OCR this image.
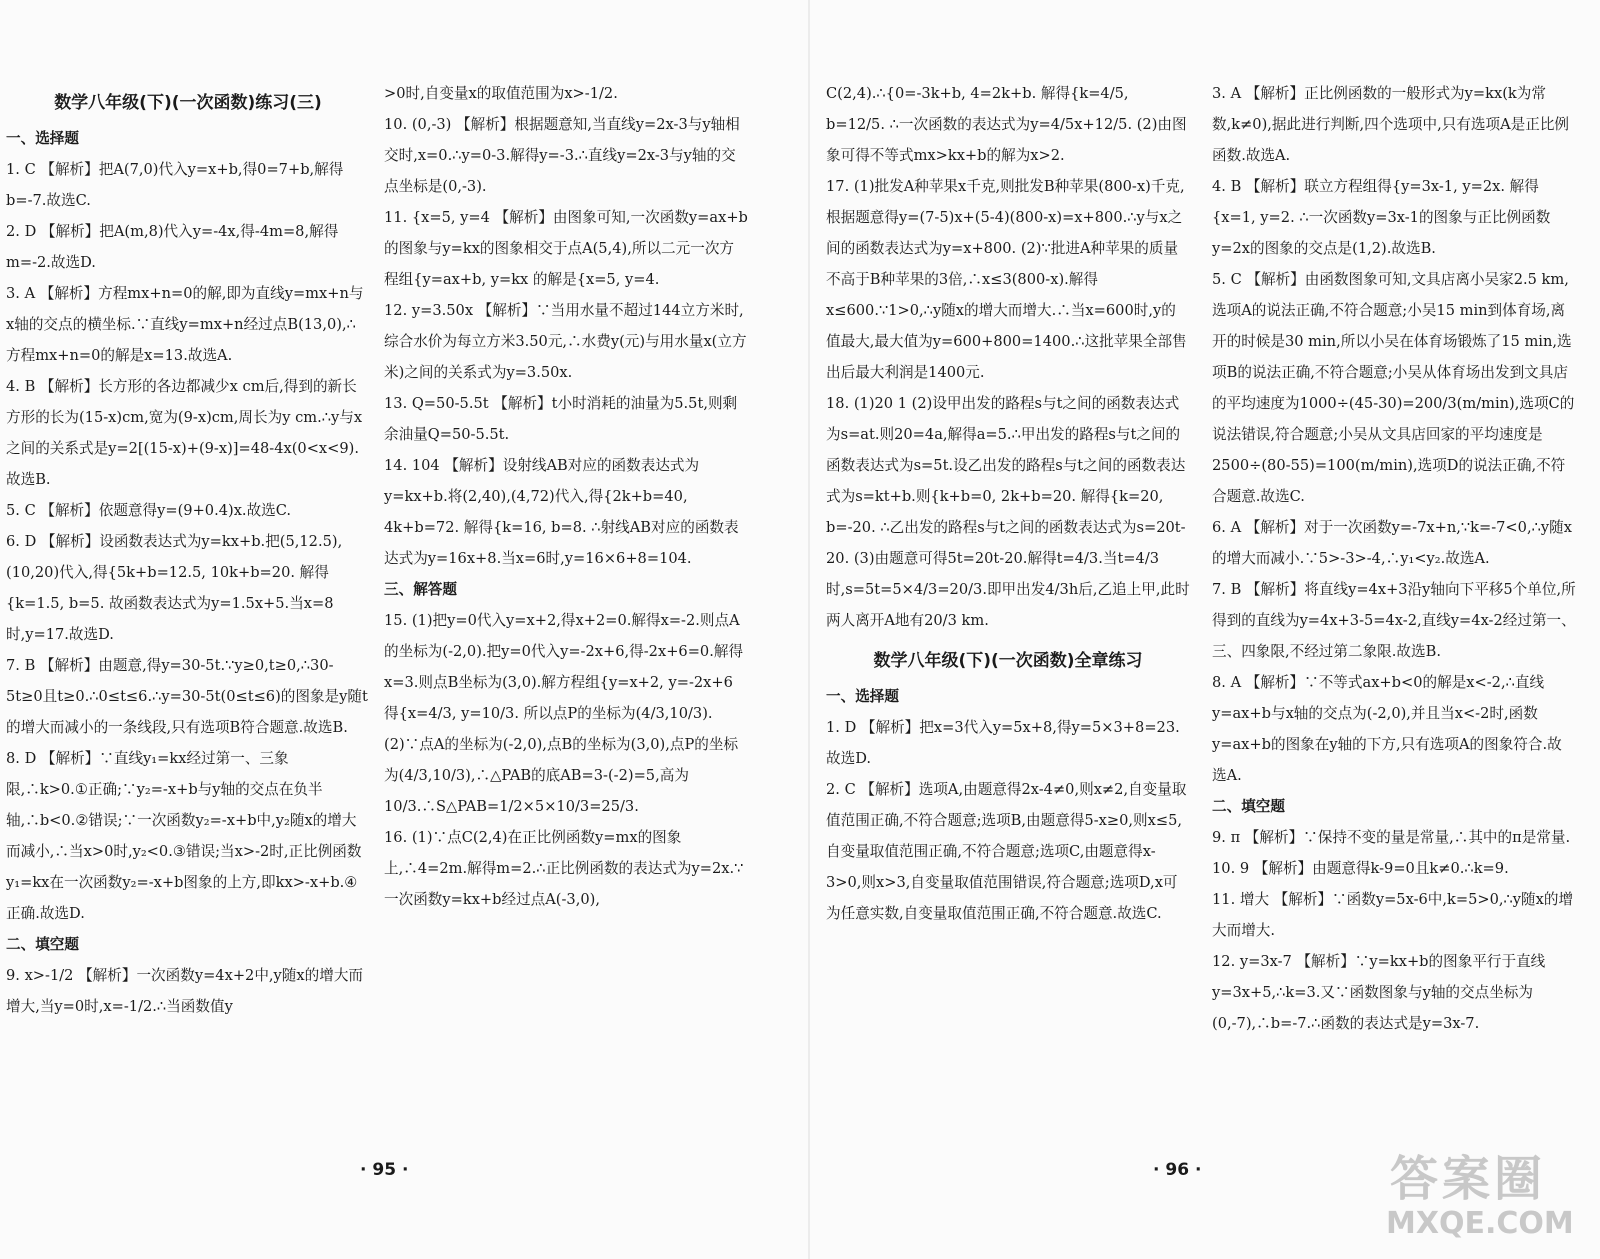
数学八年级(下)(一次函数)练习(三)
一、选择题

1. C 【解析】把A(7,0)代入y=x+b,得0=7+b,解得b=-7.故选C.

2. D 【解析】把A(m,8)代入y=-4x,得-4m=8,解得m=-2.故选D.

3. A 【解析】方程mx+n=0的解,即为直线y=mx+n与x轴的交点的横坐标.∵直线y=mx+n经过点B(13,0),∴方程mx+n=0的解是x=13.故选A.

4. B 【解析】长方形的各边都减少x cm后,得到的新长方形的长为(15-x)cm,宽为(9-x)cm,周长为y cm.∴y与x之间的关系式是y=2[(15-x)+(9-x)]=48-4x(0<x<9).故选B.

5. C 【解析】依题意得y=(9+0.4)x.故选C.

6. D 【解析】设函数表达式为y=kx+b.把(5,12.5),(10,20)代入,得{5k+b=12.5, 10k+b=20. 解得{k=1.5, b=5. 故函数表达式为y=1.5x+5.当x=8时,y=17.故选D.

7. B 【解析】由题意,得y=30-5t.∵y≥0,t≥0,∴30-5t≥0且t≥0.∴0≤t≤6.∴y=30-5t(0≤t≤6)的图象是y随t的增大而减小的一条线段,只有选项B符合题意.故选B.

8. D 【解析】∵直线y₁=kx经过第一、三象限,∴k>0.①正确;∵y₂=-x+b与y轴的交点在负半轴,∴b<0.②错误;∵一次函数y₂=-x+b中,y₂随x的增大而减小,∴当x>0时,y₂<0.③错误;当x>-2时,正比例函数y₁=kx在一次函数y₂=-x+b图象的上方,即kx>-x+b.④正确.故选D.

二、填空题

9. x>-1/2 【解析】一次函数y=4x+2中,y随x的增大而增大,当y=0时,x=-1/2.∴当函数值y

>0时,自变量x的取值范围为x>-1/2.

10. (0,-3) 【解析】根据题意知,当直线y=2x-3与y轴相交时,x=0.∴y=0-3.解得y=-3.∴直线y=2x-3与y轴的交点坐标是(0,-3).

11. {x=5, y=4 【解析】由图象可知,一次函数y=ax+b的图象与y=kx的图象相交于点A(5,4),所以二元一次方程组{y=ax+b, y=kx 的解是{x=5, y=4.

12. y=3.50x 【解析】∵当用水量不超过144立方米时,综合水价为每立方米3.50元,∴水费y(元)与用水量x(立方米)之间的关系式为y=3.50x.

13. Q=50-5.5t 【解析】t小时消耗的油量为5.5t,则剩余油量Q=50-5.5t.

14. 104 【解析】设射线AB对应的函数表达式为y=kx+b.将(2,40),(4,72)代入,得{2k+b=40, 4k+b=72. 解得{k=16, b=8. ∴射线AB对应的函数表达式为y=16x+8.当x=6时,y=16×6+8=104.

三、解答题

15. (1)把y=0代入y=x+2,得x+2=0.解得x=-2.则点A的坐标为(-2,0).把y=0代入y=-2x+6,得-2x+6=0.解得x=3.则点B坐标为(3,0).解方程组{y=x+2, y=-2x+6 得{x=4/3, y=10/3. 所以点P的坐标为(4/3,10/3). (2)∵点A的坐标为(-2,0),点B的坐标为(3,0),点P的坐标为(4/3,10/3),∴△PAB的底AB=3-(-2)=5,高为10/3.∴S△PAB=1/2×5×10/3=25/3.

16. (1)∵点C(2,4)在正比例函数y=mx的图象上,∴4=2m.解得m=2.∴正比例函数的表达式为y=2x.∵一次函数y=kx+b经过点A(-3,0),

C(2,4).∴{0=-3k+b, 4=2k+b. 解得{k=4/5, b=12/5. ∴一次函数的表达式为y=4/5x+12/5. (2)由图象可得不等式mx>kx+b的解为x>2.

17. (1)批发A种苹果x千克,则批发B种苹果(800-x)千克,根据题意得y=(7-5)x+(5-4)(800-x)=x+800.∴y与x之间的函数表达式为y=x+800. (2)∵批进A种苹果的质量不高于B种苹果的3倍,∴x≤3(800-x).解得x≤600.∵1>0,∴y随x的增大而增大.∴当x=600时,y的值最大,最大值为y=600+800=1400.∴这批苹果全部售出后最大利润是1400元.

18. (1)20 1 (2)设甲出发的路程s与t之间的函数表达式为s=at.则20=4a,解得a=5.∴甲出发的路程s与t之间的函数表达式为s=5t.设乙出发的路程s与t之间的函数表达式为s=kt+b.则{k+b=0, 2k+b=20. 解得{k=20, b=-20. ∴乙出发的路程s与t之间的函数表达式为s=20t-20. (3)由题意可得5t=20t-20.解得t=4/3.当t=4/3时,s=5t=5×4/3=20/3.即甲出发4/3h后,乙追上甲,此时两人离开A地有20/3 km.

数学八年级(下)(一次函数)全章练习
一、选择题

1. D 【解析】把x=3代入y=5x+8,得y=5×3+8=23.故选D.

2. C 【解析】选项A,由题意得2x-4≠0,则x≠2,自变量取值范围正确,不符合题意;选项B,由题意得5-x≥0,则x≤5,自变量取值范围正确,不符合题意;选项C,由题意得x-3>0,则x>3,自变量取值范围错误,符合题意;选项D,x可为任意实数,自变量取值范围正确,不符合题意.故选C.

3. A 【解析】正比例函数的一般形式为y=kx(k为常数,k≠0),据此进行判断,四个选项中,只有选项A是正比例函数.故选A.

4. B 【解析】联立方程组得{y=3x-1, y=2x. 解得{x=1, y=2. ∴一次函数y=3x-1的图象与正比例函数y=2x的图象的交点是(1,2).故选B.

5. C 【解析】由函数图象可知,文具店离小吴家2.5 km,选项A的说法正确,不符合题意;小吴15 min到体育场,离开的时候是30 min,所以小吴在体育场锻炼了15 min,选项B的说法正确,不符合题意;小吴从体育场出发到文具店的平均速度为1000÷(45-30)=200/3(m/min),选项C的说法错误,符合题意;小吴从文具店回家的平均速度是2500÷(80-55)=100(m/min),选项D的说法正确,不符合题意.故选C.

6. A 【解析】对于一次函数y=-7x+n,∵k=-7<0,∴y随x的增大而减小.∵5>-3>-4,∴y₁<y₂.故选A.

7. B 【解析】将直线y=4x+3沿y轴向下平移5个单位,所得到的直线为y=4x+3-5=4x-2,直线y=4x-2经过第一、三、四象限,不经过第二象限.故选B.

8. A 【解析】∵不等式ax+b<0的解是x<-2,∴直线y=ax+b与x轴的交点为(-2,0),并且当x<-2时,函数y=ax+b的图象在y轴的下方,只有选项A的图象符合.故选A.

二、填空题

9. π 【解析】∵保持不变的量是常量,∴其中的π是常量.

10. 9 【解析】由题意得k-9=0且k≠0.∴k=9.

11. 增大 【解析】∵函数y=5x-6中,k=5>0,∴y随x的增大而增大.

12. y=3x-7 【解析】∵y=kx+b的图象平行于直线y=3x+5,∴k=3.又∵函数图象与y轴的交点坐标为(0,-7),∴b=-7.∴函数的表达式是y=3x-7.

· 95 ·	· 96 ·	答案圈
MXQE.COM
